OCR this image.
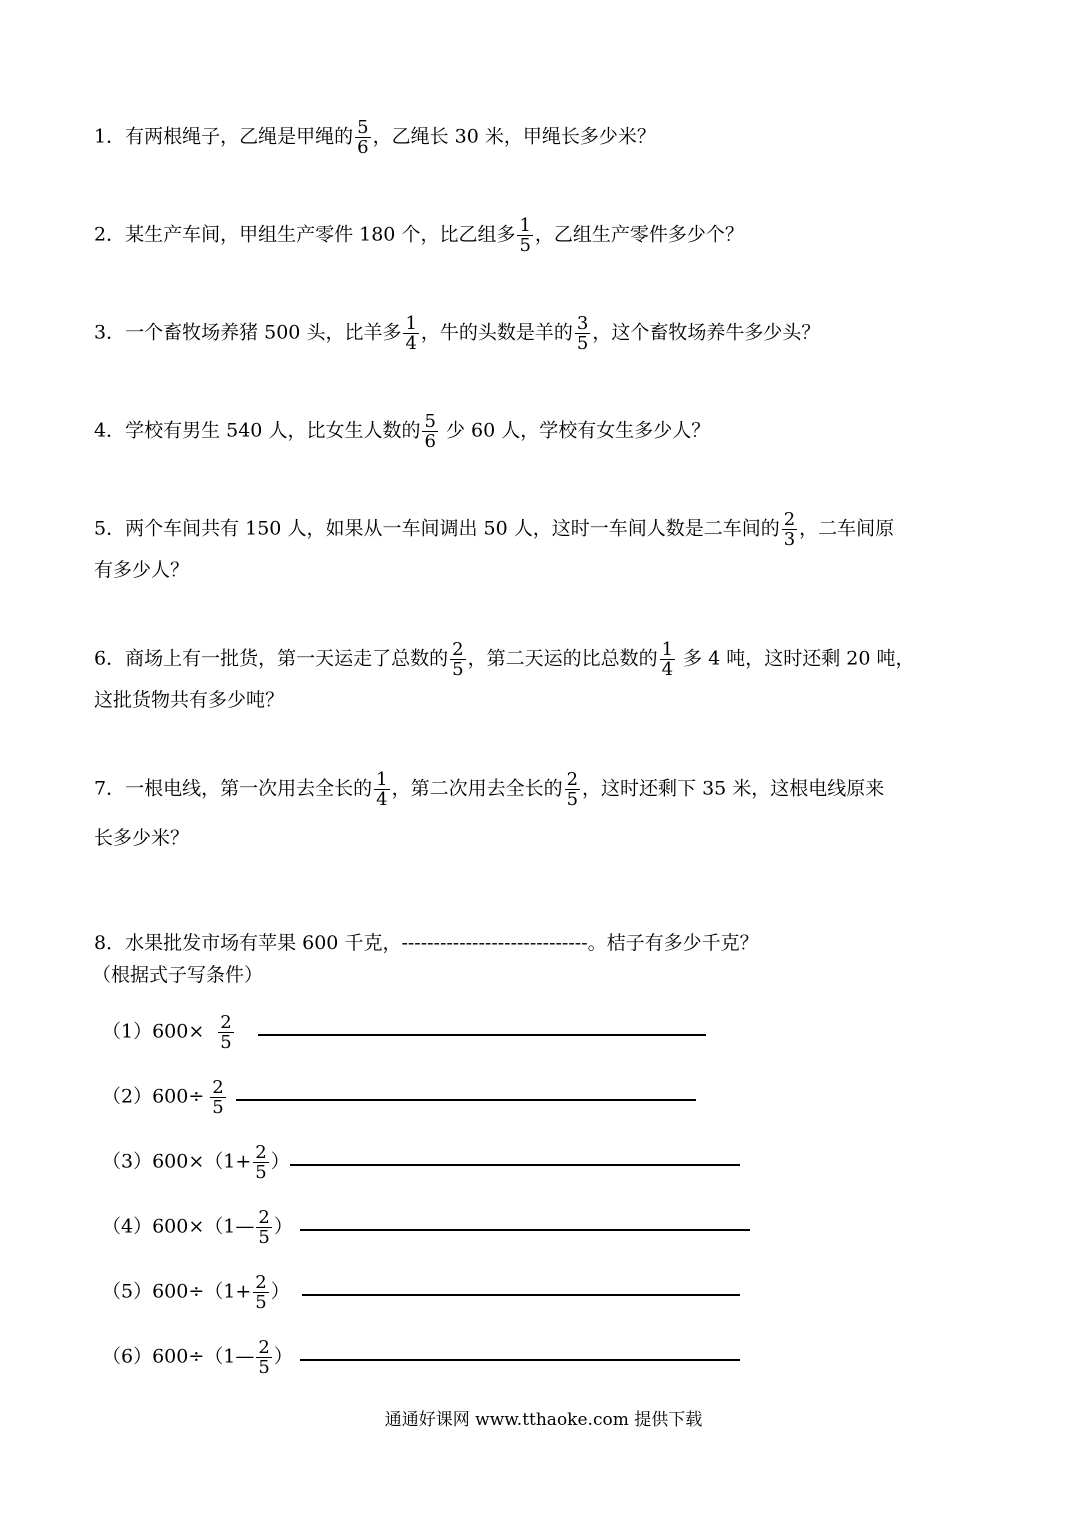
1．有两根绳子，乙绳是甲绳的 $\frac{5}{6}$ ，乙绳长 30 米，甲绳长多少米？
2．某生产车间，甲组生产零件 180 个，比乙组多 $\frac{1}{5}$ ，乙组生产零件多少个？
3．一个畜牧场养猪 500 头，比羊多 $\frac{1}{4}$ ，牛的头数是羊的 $\frac{3}{5}$ ，这个畜牧场养牛多少头？
4．学校有男生 540 人，比女生人数的 $\frac{5}{6}$ 少 60 人，学校有女生多少人？
5．两个车间共有 150 人，如果从一车间调出 50 人，这时一车间人数是二车间的 $\frac{2}{3}$ ，二车间原
有多少人？
6．商场上有一批货，第一天运走了总数的 $\frac{2}{5}$ ，第二天运的比总数的 $\frac{1}{4}$ 多 4 吨，这时还剩 20 吨，
这批货物共有多少吨？
7．一根电线，第一次用去全长的 $\frac{1}{4}$ ，第二次用去全长的 $\frac{2}{5}$ ，这时还剩下 35 米，这根电线原来
长多少米？
8．水果批发市场有苹果 600 千克，-----------------------------。桔子有多少千克？
（根据式子写条件）
$(1)600\times \frac{2}{5}$
$(2)600\div \frac{2}{5}$
$(3)600\times(1+ \frac{2}{5}$ ）
（4）600×（1— $\frac{2}{5}$ ）
$(5)600\div(1+ \frac{2}{5}$ ）
（6）600÷（1— $\frac{2}{5}$ ）
通通好课网 www.tthaoke.com 提供下载
